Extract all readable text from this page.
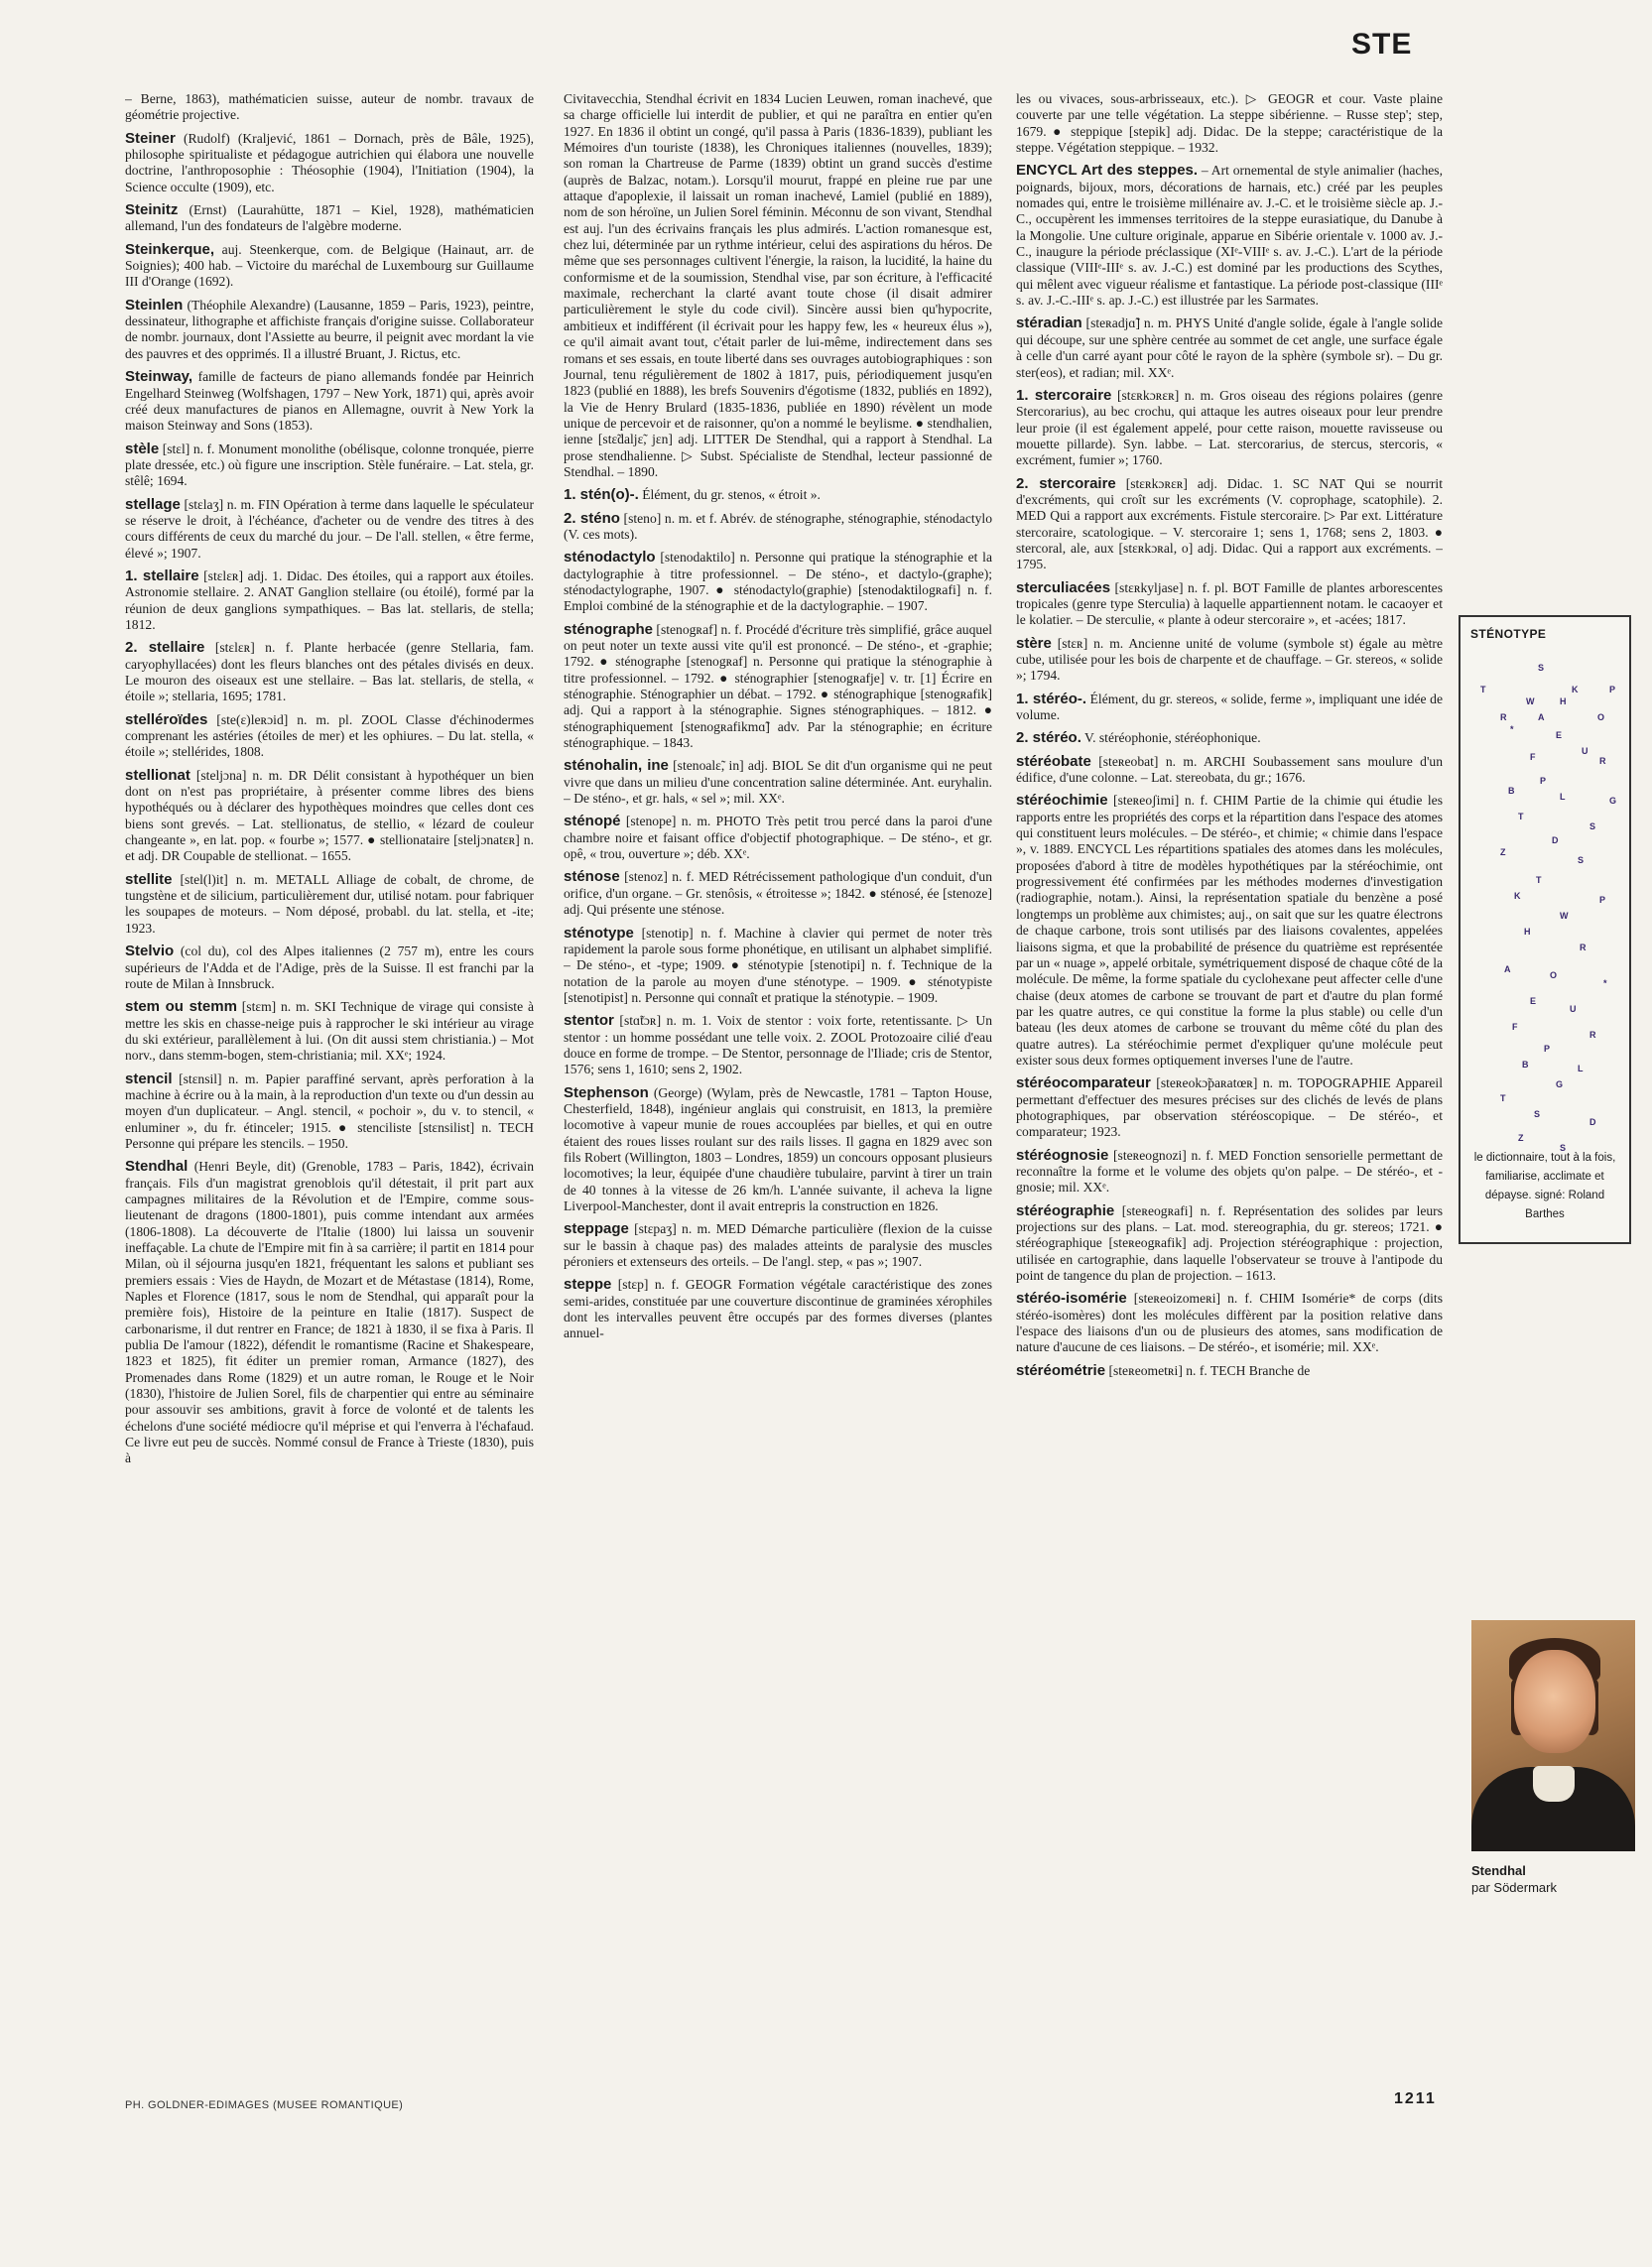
STE
– Berne, 1863), mathématicien suisse, auteur de nombr. travaux de géométrie projective.
Steiner (Rudolf) (Kraljević, 1861 – Dornach, près de Bâle, 1925), philosophe spiritualiste et pédagogue autrichien qui élabora une nouvelle doctrine, l'anthroposophie : Théosophie (1904), l'Initiation (1904), la Science occulte (1909), etc.
Steinitz (Ernst) (Laurahütte, 1871 – Kiel, 1928), mathématicien allemand, l'un des fondateurs de l'algèbre moderne.
Steinkerque, auj. Steenkerque, com. de Belgique (Hainaut, arr. de Soignies); 400 hab. – Victoire du maréchal de Luxembourg sur Guillaume III d'Orange (1692).
Steinlen (Théophile Alexandre) (Lausanne, 1859 – Paris, 1923), peintre, dessinateur, lithographe et affichiste français d'origine suisse. Collaborateur de nombr. journaux, dont l'Assiette au beurre, il peignit avec mordant la vie des pauvres et des opprimés. Il a illustré Bruant, J. Rictus, etc.
Steinway, famille de facteurs de piano allemands fondée par Heinrich Engelhard Steinweg (Wolfshagen, 1797 – New York, 1871) qui, après avoir créé deux manufactures de pianos en Allemagne, ouvrit à New York la maison Steinway and Sons (1853).
stèle [stɛl] n. f. Monument monolithe (obélisque, colonne tronquée, pierre plate dressée, etc.) où figure une inscription. Stèle funéraire. – Lat. stela, gr. stêlê; 1694.
stellage [stɛlaʒ] n. m. FIN Opération à terme dans laquelle le spéculateur se réserve le droit, à l'échéance, d'acheter ou de vendre des titres à des cours différents de ceux du marché du jour. – De l'all. stellen, « être ferme, élevé »; 1907.
1. stellaire [stɛlɛʀ] adj. 1. Didac. Des étoiles, qui a rapport aux étoiles. Astronomie stellaire. 2. ANAT Ganglion stellaire (ou étoilé), formé par la réunion de deux ganglions sympathiques. – Bas lat. stellaris, de stella; 1812.
2. stellaire [stɛlɛʀ] n. f. Plante herbacée (genre Stellaria, fam. caryophyllacées) dont les fleurs blanches ont des pétales divisés en deux. Le mouron des oiseaux est une stellaire. – Bas lat. stellaris, de stella, « étoile »; stellaria, 1695; 1781.
stelléroïdes [ste(ɛ)leʀɔid] n. m. pl. ZOOL Classe d'échinodermes comprenant les astéries (étoiles de mer) et les ophiures. – Du lat. stella, « étoile »; stellérides, 1808.
stellionat [steljɔna] n. m. DR Délit consistant à hypothéquer un bien dont on n'est pas propriétaire, à présenter comme libres des biens hypothéqués ou à déclarer des hypothèques moindres que celles dont ces biens sont grevés. – Lat. stellionatus, de stellio, « lézard de couleur changeante », en lat. pop. « fourbe »; 1577. ● stellionataire [steljɔnatɛʀ] n. et adj. DR Coupable de stellionat. – 1655.
stellite [stel(l)it] n. m. METALL Alliage de cobalt, de chrome, de tungstène et de silicium, particulièrement dur, utilisé notam. pour fabriquer les soupapes de moteurs. – Nom déposé, probabl. du lat. stella, et -ite; 1923.
Stelvio (col du), col des Alpes italiennes (2 757 m), entre les cours supérieurs de l'Adda et de l'Adige, près de la Suisse. Il est franchi par la route de Milan à Innsbruck.
stem ou stemm [stɛm] n. m. SKI Technique de virage qui consiste à mettre les skis en chasse-neige puis à rapprocher le ski intérieur au virage du ski extérieur, parallèlement à lui. (On dit aussi stem christiania.) – Mot norv., dans stemm-bogen, stem-christiania; mil. XXᵉ; 1924.
stencil [stɛnsil] n. m. Papier paraffiné servant, après perforation à la machine à écrire ou à la main, à la reproduction d'un texte ou d'un dessin au moyen d'un duplicateur. – Angl. stencil, « pochoir », du v. to stencil, « enluminer », du fr. étinceler; 1915. ● stenciliste [stɛnsilist] n. TECH Personne qui prépare les stencils. – 1950.
Stendhal (Henri Beyle, dit) (Grenoble, 1783 – Paris, 1842), écrivain français. Fils d'un magistrat grenoblois qu'il détestait, il prit part aux campagnes militaires de la Révolution et de l'Empire, comme sous-lieutenant de dragons (1800-1801), puis comme intendant aux armées (1806-1808). La découverte de l'Italie (1800) lui laissa un souvenir ineffaçable. La chute de l'Empire mit fin à sa carrière; il partit en 1814 pour Milan, où il séjourna jusqu'en 1821, fréquentant les salons et publiant ses premiers essais : Vies de Haydn, de Mozart et de Métastase (1814), Rome, Naples et Florence (1817, sous le nom de Stendhal, qui apparaît pour la première fois), Histoire de la peinture en Italie (1817). Suspect de carbonarisme, il dut rentrer en France; de 1821 à 1830, il se fixa à Paris. Il publia De l'amour (1822), défendit le romantisme (Racine et Shakespeare, 1823 et 1825), fit éditer un premier roman, Armance (1827), des Promenades dans Rome (1829) et un autre roman, le Rouge et le Noir (1830), l'histoire de Julien Sorel, fils de charpentier qui entre au séminaire pour assouvir ses ambitions, gravit à force de volonté et de talents les échelons d'une société médiocre qu'il méprise et qui l'enverra à l'échafaud. Ce livre eut peu de succès. Nommé consul de France à Trieste (1830), puis à
Civitavecchia, Stendhal écrivit en 1834 Lucien Leuwen, roman inachevé, que sa charge officielle lui interdit de publier, et qui ne paraîtra en entier qu'en 1927. En 1836 il obtint un congé, qu'il passa à Paris (1836-1839), publiant les Mémoires d'un touriste (1838), les Chroniques italiennes (nouvelles, 1839); son roman la Chartreuse de Parme (1839) obtint un grand succès d'estime (auprès de Balzac, notam.). Lorsqu'il mourut, frappé en pleine rue par une attaque d'apoplexie, il laissait un roman inachevé, Lamiel (publié en 1889), nom de son héroïne, un Julien Sorel féminin. Méconnu de son vivant, Stendhal est auj. l'un des écrivains français les plus admirés. L'action romanesque est, chez lui, déterminée par un rythme intérieur, celui des aspirations du héros. De même que ses personnages cultivent l'énergie, la raison, la lucidité, la haine du conformisme et de la soumission, Stendhal vise, par son écriture, à l'efficacité maximale, recherchant la clarté avant toute chose (il disait admirer particulièrement le style du code civil). Sincère aussi bien qu'hypocrite, ambitieux et indifférent (il écrivait pour les happy few, les « heureux élus »), ce qu'il aimait avant tout, c'était parler de lui-même, indirectement dans ses romans et ses essais, en toute liberté dans ses ouvrages autobiographiques : son Journal, tenu régulièrement de 1802 à 1817, puis, périodiquement jusqu'en 1823 (publié en 1888), les brefs Souvenirs d'égotisme (1832, publiés en 1892), la Vie de Henry Brulard (1835-1836, publiée en 1890) révèlent un mode unique de percevoir et de raisonner, qu'on a nommé le beylisme. ● stendhalien, ienne [stɛ̃daljɛ̃, jɛn] adj. LITTER De Stendhal, qui a rapport à Stendhal. La prose stendhalienne. ▷ Subst. Spécialiste de Stendhal, lecteur passionné de Stendhal. – 1890.
1. stén(o)-. Élément, du gr. stenos, « étroit ».
2. sténo [steno] n. m. et f. Abrév. de sténographe, sténographie, sténodactylo (V. ces mots).
sténodactylo [stenodaktilo] n. Personne qui pratique la sténographie et la dactylographie à titre professionnel. – De sténo-, et dactylo-(graphe); sténodactylographe, 1907. ● sténodactylo(graphie) [stenodaktilogʀafi] n. f. Emploi combiné de la sténographie et de la dactylographie. – 1907.
sténographe [stenogʀaf] n. f. Procédé d'écriture très simplifié, grâce auquel on peut noter un texte aussi vite qu'il est prononcé. – De sténo-, et -graphie; 1792. ● sténographe [stenogʀaf] n. Personne qui pratique la sténographie à titre professionnel. – 1792. ● sténographier [stenogʀafje] v. tr. [1] Écrire en sténographie. Sténographier un débat. – 1792. ● sténographique [stenogʀafik] adj. Qui a rapport à la sténographie. Signes sténographiques. – 1812. ● sténographiquement [stenogʀafikmɑ̃] adv. Par la sténographie; en écriture sténographique. – 1843.
sténohalin, ine [stenoalɛ̃, in] adj. BIOL Se dit d'un organisme qui ne peut vivre que dans un milieu d'une concentration saline déterminée. Ant. euryhalin. – De sténo-, et gr. hals, « sel »; mil. XXᵉ.
sténopé [stenope] n. m. PHOTO Très petit trou percé dans la paroi d'une chambre noire et faisant office d'objectif photographique. – De sténo-, et gr. opê, « trou, ouverture »; déb. XXᵉ.
sténose [stenoz] n. f. MED Rétrécissement pathologique d'un conduit, d'un orifice, d'un organe. – Gr. stenôsis, « étroitesse »; 1842. ● sténosé, ée [stenoze] adj. Qui présente une sténose.
sténotype [stenotip] n. f. Machine à clavier qui permet de noter très rapidement la parole sous forme phonétique, en utilisant un alphabet simplifié. – De sténo-, et -type; 1909. ● sténotypie [stenotipi] n. f. Technique de la notation de la parole au moyen d'une sténotype. – 1909. ● sténotypiste [stenotipist] n. Personne qui connaît et pratique la sténotypie. – 1909.
stentor [stɑ̃tɔʀ] n. m. 1. Voix de stentor : voix forte, retentissante. ▷ Un stentor : un homme possédant une telle voix. 2. ZOOL Protozoaire cilié d'eau douce en forme de trompe. – De Stentor, personnage de l'Iliade; cris de Stentor, 1576; sens 1, 1610; sens 2, 1902.
Stephenson (George) (Wylam, près de Newcastle, 1781 – Tapton House, Chesterfield, 1848), ingénieur anglais qui construisit, en 1813, la première locomotive à vapeur munie de roues accouplées par bielles, et qui en outre étaient des roues lisses roulant sur des rails lisses. Il gagna en 1829 avec son fils Robert (Willington, 1803 – Londres, 1859) un concours opposant plusieurs locomotives; la leur, équipée d'une chaudière tubulaire, parvint à tirer un train de 40 tonnes à la vitesse de 26 km/h. L'année suivante, il acheva la ligne Liverpool-Manchester, dont il avait entrepris la construction en 1826.
steppage [stɛpaʒ] n. m. MED Démarche particulière (flexion de la cuisse sur le bassin à chaque pas) des malades atteints de paralysie des muscles péroniers et extenseurs des orteils. – De l'angl. step, « pas »; 1907.
steppe [stɛp] n. f. GEOGR Formation végétale caractéristique des zones semi-arides, constituée par une couverture discontinue de graminées xérophiles dont les intervalles peuvent être occupés par des formes diverses (plantes annuel-
les ou vivaces, sous-arbrisseaux, etc.). ▷ GEOGR et cour. Vaste plaine couverte par une telle végétation. La steppe sibérienne. – Russe step'; step, 1679. ● steppique [stepik] adj. Didac. De la steppe; caractéristique de la steppe. Végétation steppique. – 1932.
ENCYCL Art des steppes. – Art ornemental de style animalier (haches, poignards, bijoux, mors, décorations de harnais, etc.) créé par les peuples nomades qui, entre le troisième millénaire av. J.-C. et le troisième siècle ap. J.-C., occupèrent les immenses territoires de la steppe eurasiatique, du Danube à la Mongolie. Une culture originale, apparue en Sibérie orientale v. 1000 av. J.-C., inaugure la période préclassique (XIᵉ-VIIIᵉ s. av. J.-C.). L'art de la période classique (VIIIᵉ-IIIᵉ s. av. J.-C.) est dominé par les productions des Scythes, qui mêlent avec vigueur réalisme et fantastique. La période post-classique (IIIᵉ s. av. J.-C.-IIIᵉ s. ap. J.-C.) est illustrée par les Sarmates.
stéradian [steʀadjɑ̃] n. m. PHYS Unité d'angle solide, égale à l'angle solide qui découpe, sur une sphère centrée au sommet de cet angle, une surface égale à celle d'un carré ayant pour côté le rayon de la sphère (symbole sr). – Du gr. ster(eos), et radian; mil. XXᵉ.
1. stercoraire [stɛʀkɔʀɛʀ] n. m. Gros oiseau des régions polaires (genre Stercorarius), au bec crochu, qui attaque les autres oiseaux pour leur prendre leur proie (il est également appelé, pour cette raison, mouette ravisseuse ou mouette pillarde). Syn. labbe. – Lat. stercorarius, de stercus, stercoris, « excrément, fumier »; 1760.
2. stercoraire [stɛʀkɔʀɛʀ] adj. Didac. 1. SC NAT Qui se nourrit d'excréments, qui croît sur les excréments (V. coprophage, scatophile). 2. MED Qui a rapport aux excréments. Fistule stercoraire. ▷ Par ext. Littérature stercoraire, scatologique. – V. stercoraire 1; sens 1, 1768; sens 2, 1803. ● stercoral, ale, aux [stɛʀkɔʀal, o] adj. Didac. Qui a rapport aux excréments. – 1795.
sterculiacées [stɛʀkyljase] n. f. pl. BOT Famille de plantes arborescentes tropicales (genre type Sterculia) à laquelle appartiennent notam. le cacaoyer et le kolatier. – De sterculie, « plante à odeur stercoraire », et -acées; 1817.
stère [stɛʀ] n. m. Ancienne unité de volume (symbole st) égale au mètre cube, utilisée pour les bois de charpente et de chauffage. – Gr. stereos, « solide »; 1794.
1. stéréo-. Élément, du gr. stereos, « solide, ferme », impliquant une idée de volume.
2. stéréo. V. stéréophonie, stéréophonique.
stéréobate [steʀeobat] n. m. ARCHI Soubassement sans moulure d'un édifice, d'une colonne. – Lat. stereobata, du gr.; 1676.
stéréochimie [steʀeoʃimi] n. f. CHIM Partie de la chimie qui étudie les rapports entre les propriétés des corps et la répartition dans l'espace des atomes qui constituent leurs molécules. – De stéréo-, et chimie; « chimie dans l'espace », v. 1889. ENCYCL Les répartitions spatiales des atomes dans les molécules, proposées d'abord à titre de modèles hypothétiques par la stéréochimie, ont progressivement été confirmées par les méthodes modernes d'investigation (radiographie, notam.). Ainsi, la représentation spatiale du benzène a posé longtemps un problème aux chimistes; auj., on sait que sur les quatre électrons de chaque carbone, trois sont utilisés par des liaisons covalentes, appelées liaisons sigma, et que la probabilité de présence du quatrième est représentée par un « nuage », appelé orbitale, symétriquement disposé de chaque côté de la molécule. De même, la forme spatiale du cyclohexane peut affecter celle d'une chaise (deux atomes de carbone se trouvant de part et d'autre du plan formé par les quatre autres, ce qui constitue la forme la plus stable) ou celle d'un bateau (les deux atomes de carbone se trouvant du même côté du plan des quatre autres). La stéréochimie permet d'expliquer qu'une molécule peut exister sous deux formes optiquement inverses l'une de l'autre.
stéréocomparateur [steʀeokɔ̃paʀatœʀ] n. m. TOPOGRAPHIE Appareil permettant d'effectuer des mesures précises sur des clichés de levés de plans photographiques, par observation stéréoscopique. – De stéréo-, et comparateur; 1923.
stéréognosie [steʀeognozi] n. f. MED Fonction sensorielle permettant de reconnaître la forme et le volume des objets qu'on palpe. – De stéréo-, et -gnosie; mil. XXᵉ.
stéréographie [steʀeogʀafi] n. f. Représentation des solides par leurs projections sur des plans. – Lat. mod. stereographia, du gr. stereos; 1721. ● stéréographique [steʀeogʀafik] adj. Projection stéréographique : projection, utilisée en cartographie, dans laquelle l'observateur se trouve à l'antipode du point de tangence du plan de projection. – 1613.
stéréo-isomérie [steʀeoizomeʀi] n. f. CHIM Isomérie* de corps (dits stéréo-isomères) dont les molécules diffèrent par la position relative dans l'espace des liaisons d'un ou de plusieurs des atomes, sans modification de nature d'aucune de ces liaisons. – De stéréo-, et isomérie; mil. XXᵉ.
stéréométrie [steʀeometʀi] n. f. TECH Branche de
STÉNOTYPE
S
T	K	P
W	H
R	A	O
*
E
U
F	R
P
B
L	G
T
S
D
Z
S
T
K	P
W
H
R
A
O
*
E
U
F
R
P
B	L
G
T
S
D
Z
S
le dictionnaire, tout à la fois, familiarise, acclimate et dépayse. signé: Roland Barthes
Stendhal
par Södermark
PH. GOLDNER-EDIMAGES (MUSEE ROMANTIQUE)	1211
